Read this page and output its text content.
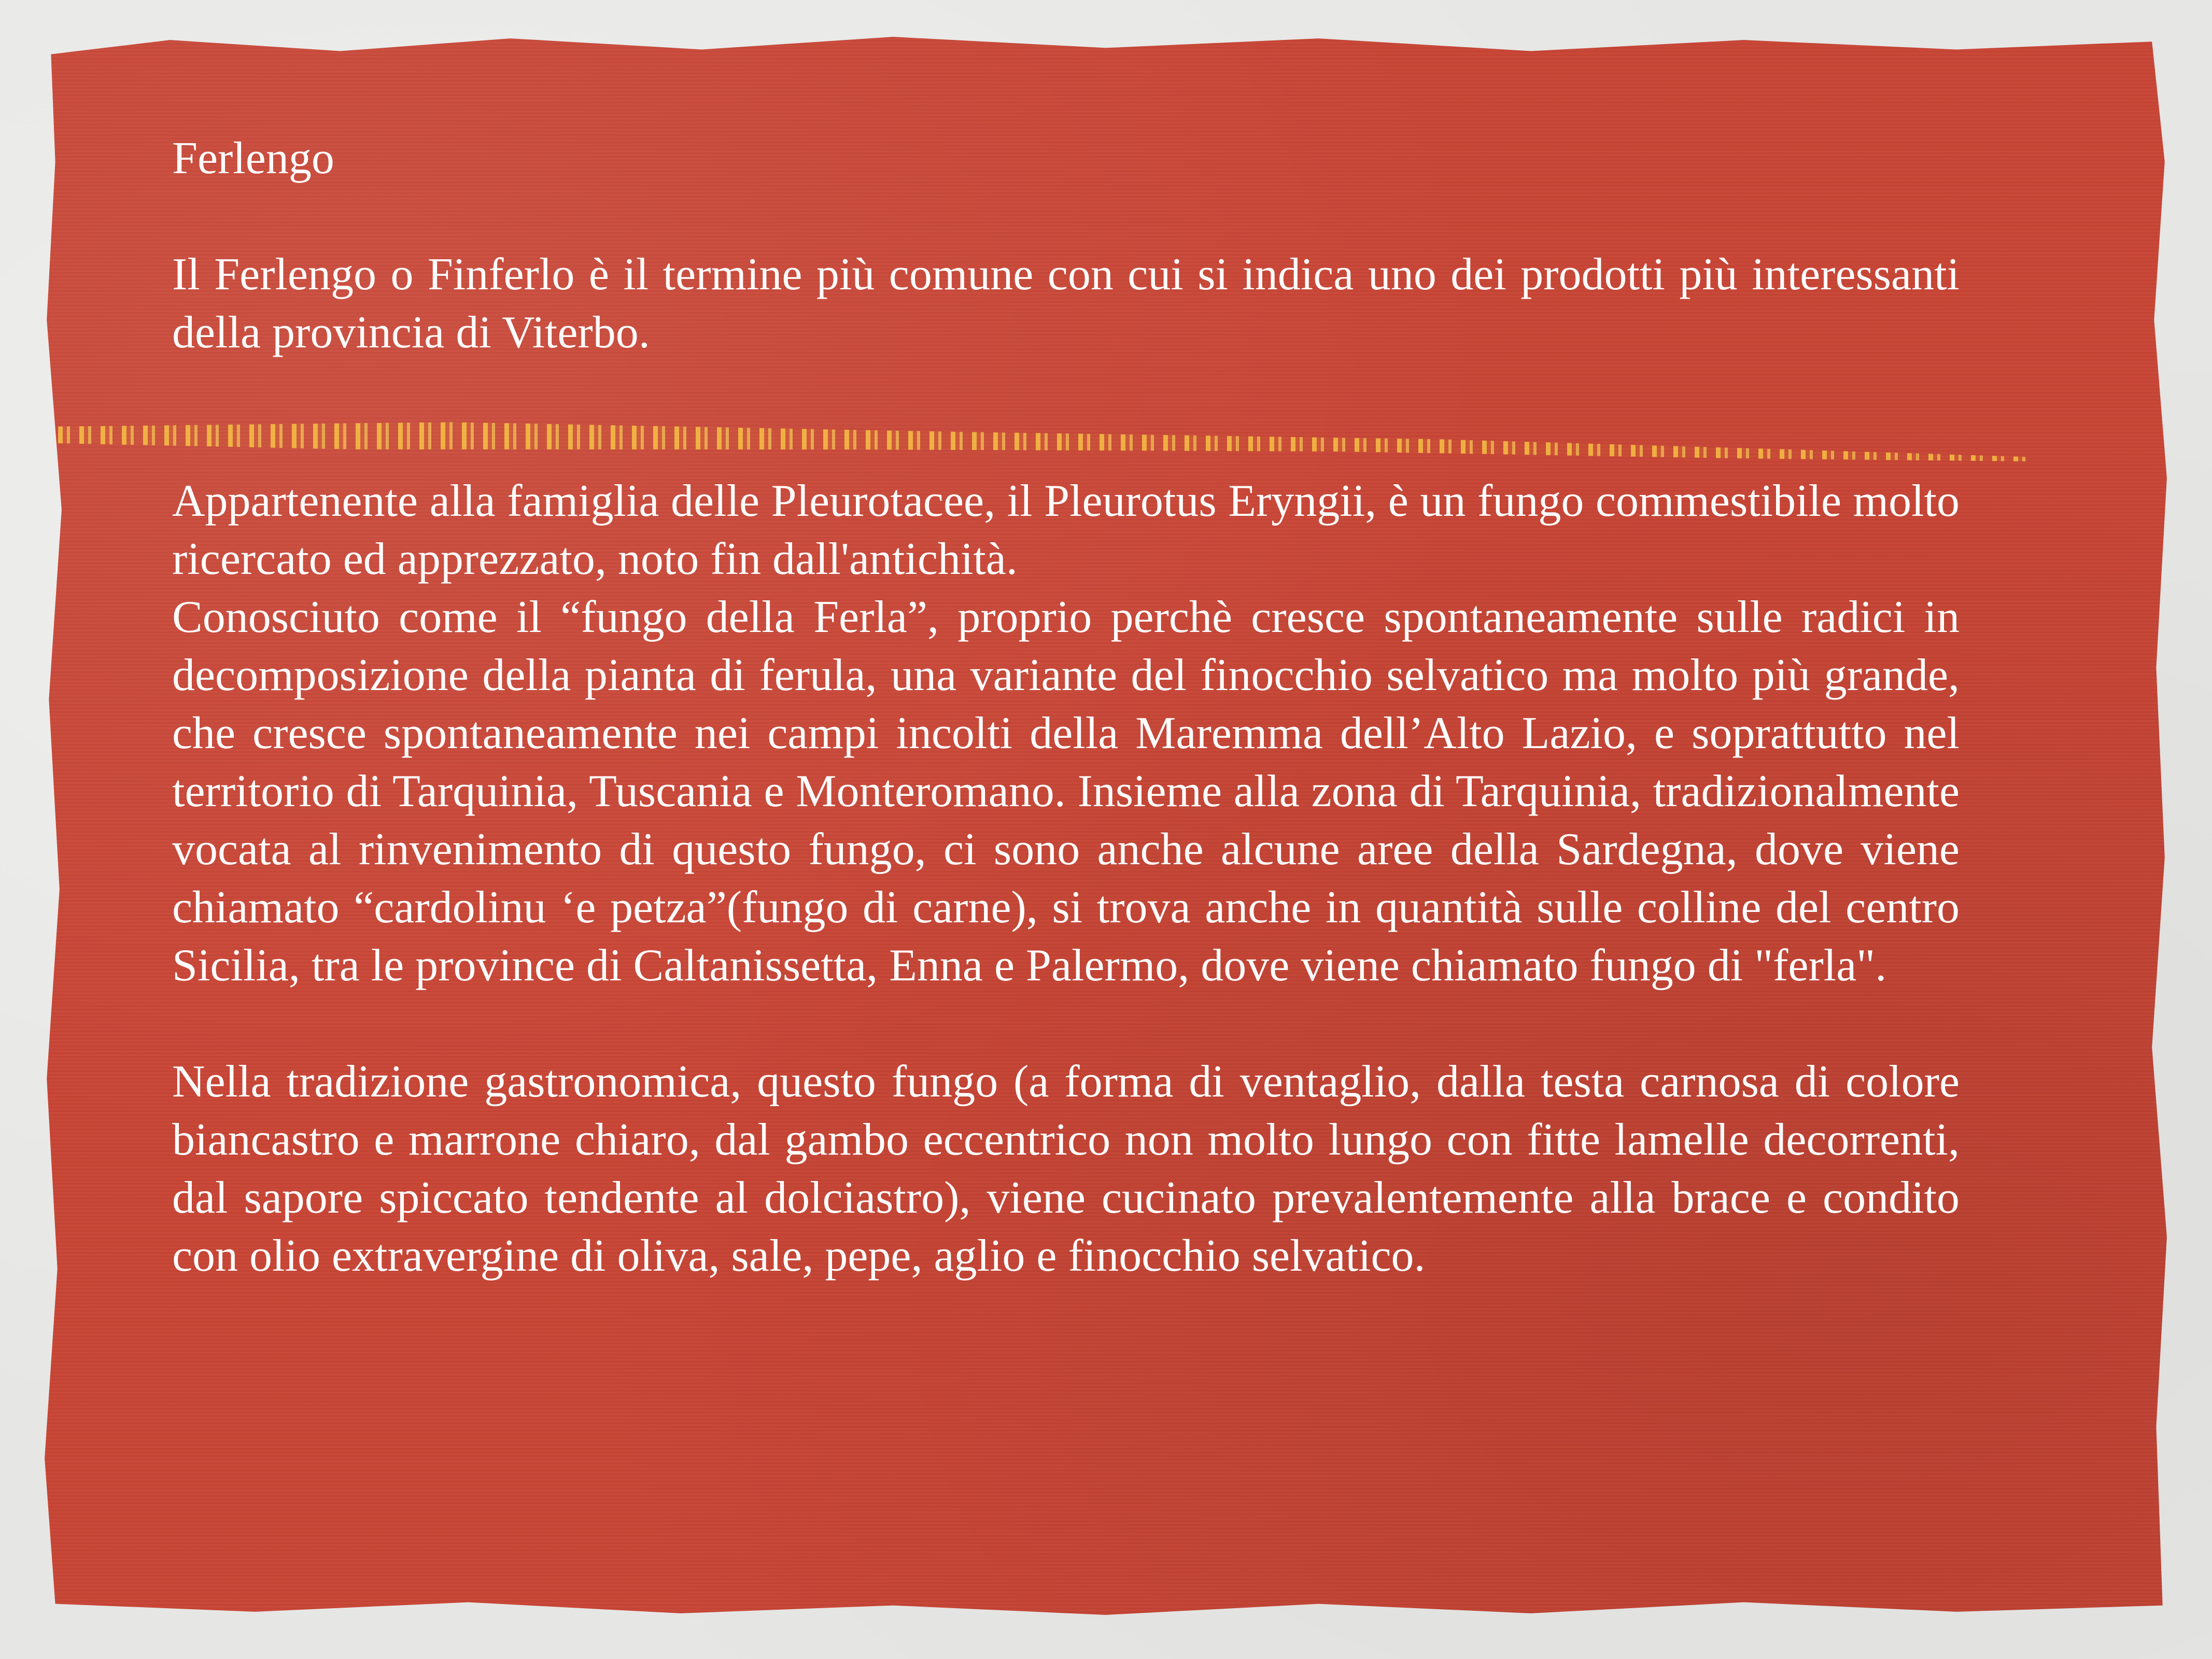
Ferlengo

Il Ferlengo o Finferlo è il termine più comune con cui si indica uno dei prodotti più interessanti della provincia di Viterbo.

Appartenente alla famiglia delle Pleurotacee, il Pleurotus Eryngii, è un fungo commestibile molto ricercato ed apprezzato, noto fin dall'antichità.

Conosciuto come il “fungo della Ferla”, proprio perchè cresce spontaneamente sulle radici in decomposizione della pianta di ferula, una variante del finocchio selvatico ma molto più grande, che cresce spontaneamente nei campi incolti della Maremma dell’Alto Lazio, e soprattutto nel territorio di Tarquinia, Tuscania e Monteromano. Insieme alla zona di Tarquinia, tradizionalmente vocata al rinvenimento di questo fungo, ci sono anche alcune aree della Sardegna, dove viene chiamato “cardolinu ‘e petza”(fungo di carne), si trova anche in quantità sulle colline del centro Sicilia, tra le province di Caltanissetta, Enna e Palermo, dove viene chiamato fungo di "ferla".

Nella tradizione gastronomica, questo fungo (a forma di ventaglio, dalla testa carnosa di colore biancastro e marrone chiaro, dal gambo eccentrico non molto lungo con fitte lamelle decorrenti, dal sapore spiccato tendente al dolciastro), viene cucinato prevalentemente alla brace e condito con olio extravergine di oliva, sale, pepe, aglio e finocchio selvatico.
